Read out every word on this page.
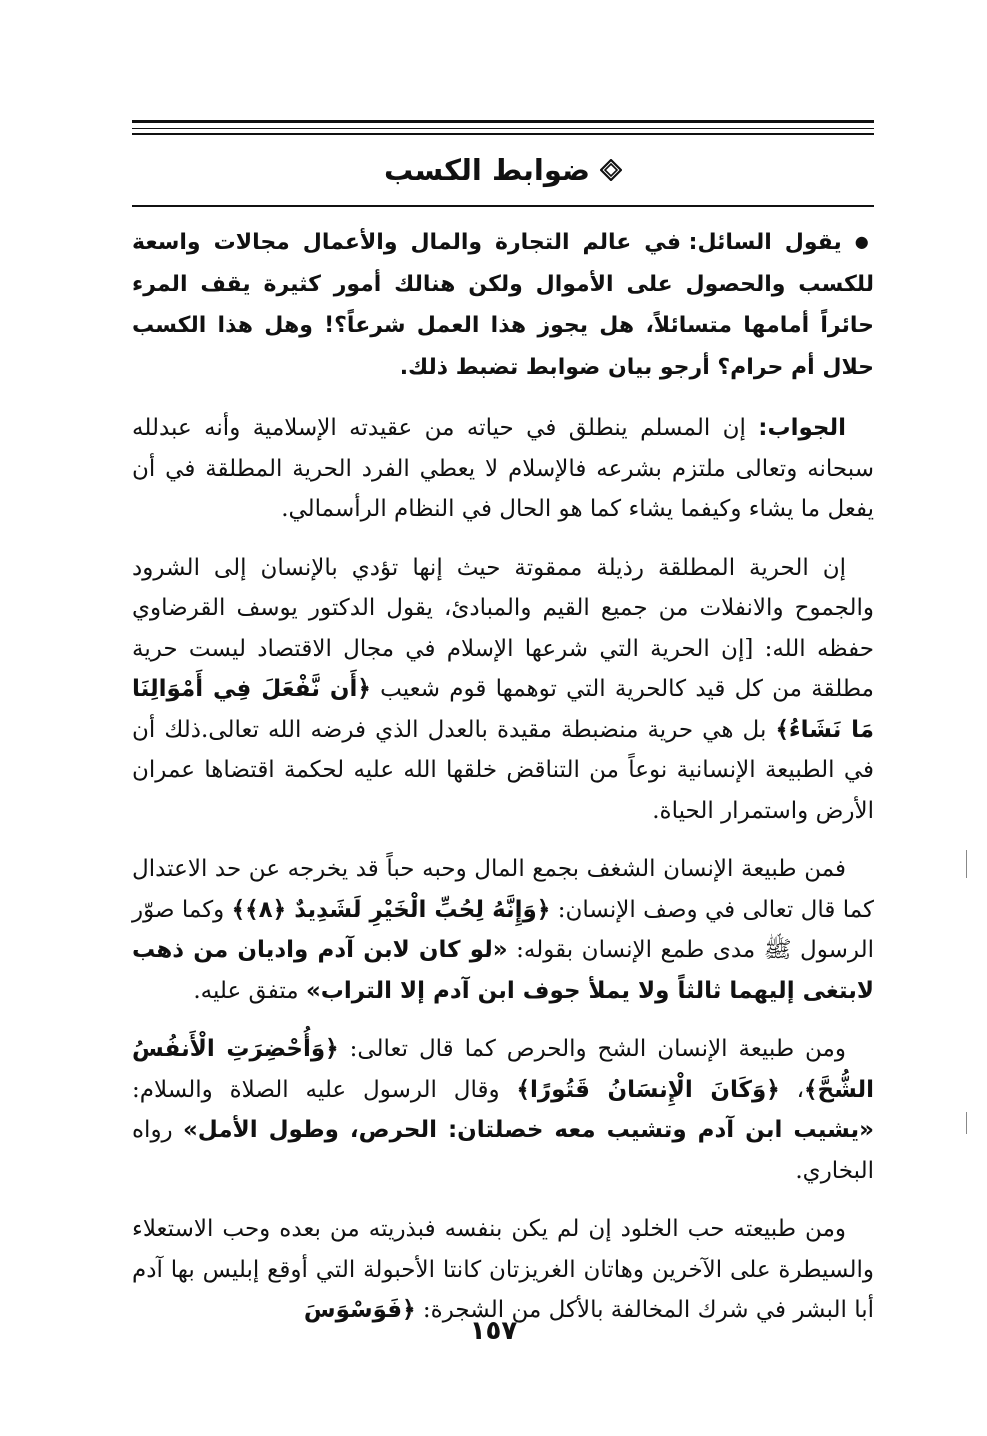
ضوابط الكسب

● يقول السائل: في عالم التجارة والمال والأعمال مجالات واسعة للكسب والحصول على الأموال ولكن هنالك أمور كثيرة يقف المرء حائراً أمامها متسائلاً، هل يجوز هذا العمل شرعاً؟! وهل هذا الكسب حلال أم حرام؟ أرجو بيان ضوابط تضبط ذلك.

الجواب: إن المسلم ينطلق في حياته من عقيدته الإسلامية وأنه عبدلله سبحانه وتعالى ملتزم بشرعه فالإسلام لا يعطي الفرد الحرية المطلقة في أن يفعل ما يشاء وكيفما يشاء كما هو الحال في النظام الرأسمالي.

إن الحرية المطلقة رذيلة ممقوتة حيث إنها تؤدي بالإنسان إلى الشرود والجموح والانفلات من جميع القيم والمبادئ، يقول الدكتور يوسف القرضاوي حفظه الله: [إن الحرية التي شرعها الإسلام في مجال الاقتصاد ليست حرية مطلقة من كل قيد كالحرية التي توهمها قوم شعيب ﴿أَن نَّفْعَلَ فِي أَمْوَالِنَا مَا نَشَاءُ﴾ بل هي حرية منضبطة مقيدة بالعدل الذي فرضه الله تعالى.ذلك أن في الطبيعة الإنسانية نوعاً من التناقض خلقها الله عليه لحكمة اقتضاها عمران الأرض واستمرار الحياة.

فمن طبيعة الإنسان الشغف بجمع المال وحبه حباً قد يخرجه عن حد الاعتدال كما قال تعالى في وصف الإنسان: ﴿وَإِنَّهُ لِحُبِّ الْخَيْرِ لَشَدِيدٌ ﴿٨﴾﴾ وكما صوّر الرسول ﷺ مدى طمع الإنسان بقوله: «لو كان لابن آدم واديان من ذهب لابتغى إليهما ثالثاً ولا يملأ جوف ابن آدم إلا التراب» متفق عليه.

ومن طبيعة الإنسان الشح والحرص كما قال تعالى: ﴿وَأُحْضِرَتِ الْأَنفُسُ الشُّحَّ﴾، ﴿وَكَانَ الْإِنسَانُ قَتُورًا﴾ وقال الرسول عليه الصلاة والسلام: «يشيب ابن آدم وتشيب معه خصلتان: الحرص، وطول الأمل» رواه البخاري.

ومن طبيعته حب الخلود إن لم يكن بنفسه فبذريته من بعده وحب الاستعلاء والسيطرة على الآخرين وهاتان الغريزتان كانتا الأحبولة التي أوقع إبليس بها آدم أبا البشر في شرك المخالفة بالأكل من الشجرة: ﴿فَوَسْوَسَ

١٥٧
